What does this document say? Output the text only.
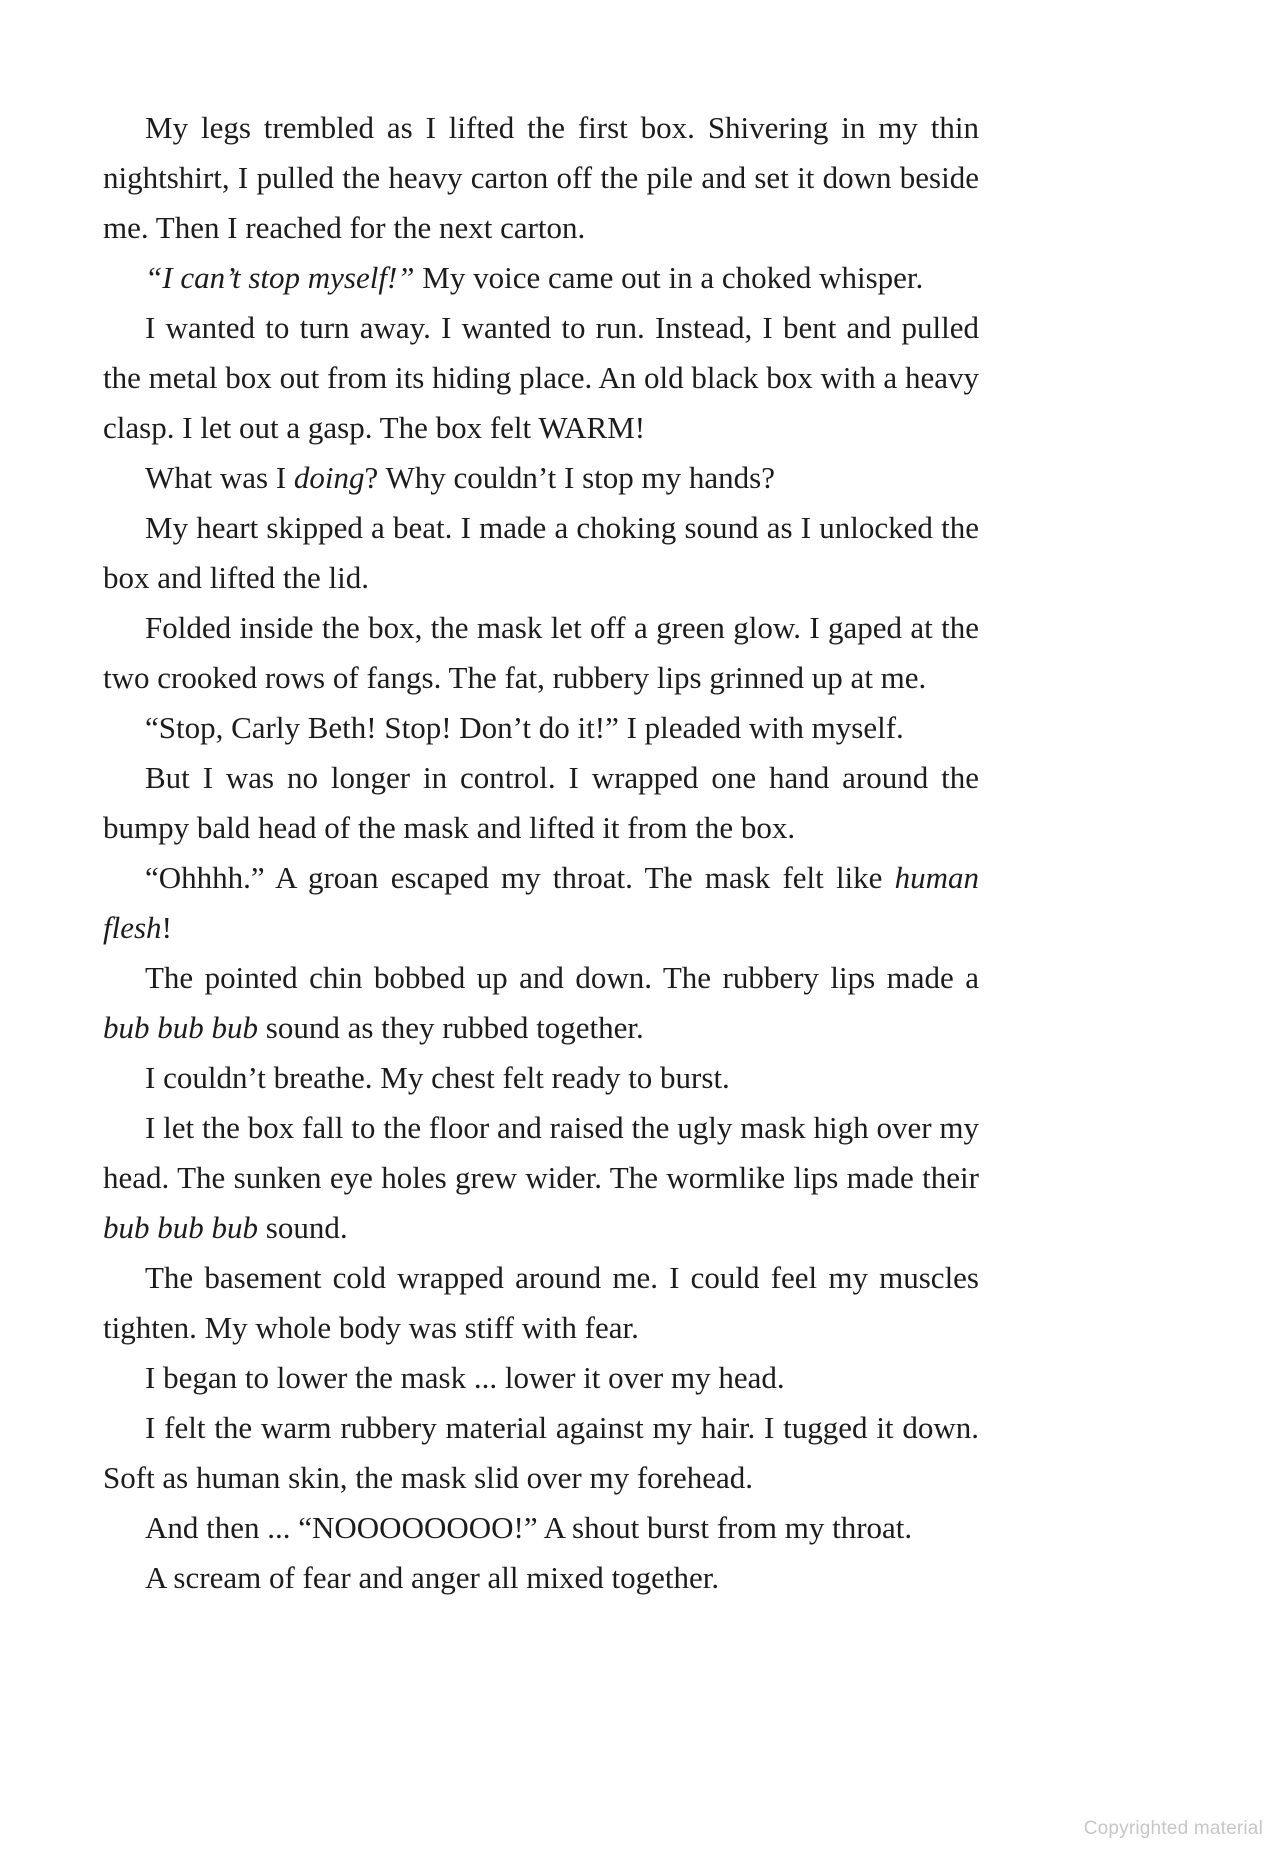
My legs trembled as I lifted the first box. Shivering in my thin nightshirt, I pulled the heavy carton off the pile and set it down beside me. Then I reached for the next carton.

“I can’t stop myself!” My voice came out in a choked whisper.

I wanted to turn away. I wanted to run. Instead, I bent and pulled the metal box out from its hiding place. An old black box with a heavy clasp. I let out a gasp. The box felt WARM!

What was I doing? Why couldn’t I stop my hands?

My heart skipped a beat. I made a choking sound as I unlocked the box and lifted the lid.

Folded inside the box, the mask let off a green glow. I gaped at the two crooked rows of fangs. The fat, rubbery lips grinned up at me.

“Stop, Carly Beth! Stop! Don’t do it!” I pleaded with myself.

But I was no longer in control. I wrapped one hand around the bumpy bald head of the mask and lifted it from the box.

“Ohhhh.” A groan escaped my throat. The mask felt like human flesh!

The pointed chin bobbed up and down. The rubbery lips made a bub bub bub sound as they rubbed together.

I couldn’t breathe. My chest felt ready to burst.

I let the box fall to the floor and raised the ugly mask high over my head. The sunken eye holes grew wider. The wormlike lips made their bub bub bub sound.

The basement cold wrapped around me. I could feel my muscles tighten. My whole body was stiff with fear.

I began to lower the mask ... lower it over my head.

I felt the warm rubbery material against my hair. I tugged it down. Soft as human skin, the mask slid over my forehead.

And then ... “NOOOOOOOO!” A shout burst from my throat.

A scream of fear and anger all mixed together.

Copyrighted material
